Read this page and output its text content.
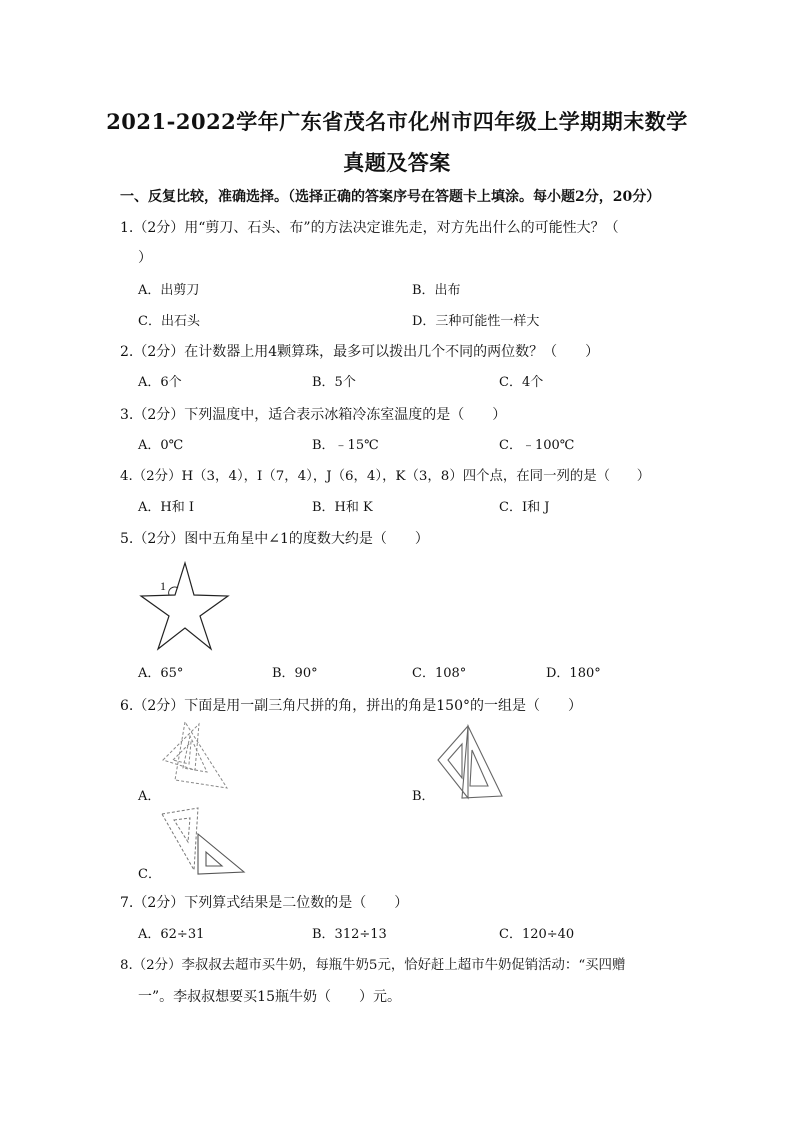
2021-2022学年广东省茂名市化州市四年级上学期期末数学
真题及答案
一、反复比较，准确选择。（选择正确的答案序号在答题卡上填涂。每小题2分，20分）
1.（2分）用“剪刀、石头、布”的方法决定谁先走，对方先出什么的可能性大？（
）
A．出剪刀	B．出布
C．出石头	D．三种可能性一样大
2.（2分）在计数器上用4颗算珠，最多可以拨出几个不同的两位数？（　　）
A．6个	B．5个	C．4个
3.（2分）下列温度中，适合表示冰箱冷冻室温度的是（　　）
A．0℃	B．﹣15℃	C．﹣100℃
4.（2分）H（3，4），I（7，4），J（6，4），K（3，8）四个点，在同一列的是（　　）
A．H和 I	B．H和 K	C．I和 J
5.（2分）图中五角星中∠1的度数大约是（　　）
1
A．65°	B．90°	C．108°	D．180°
6.（2分）下面是用一副三角尺拼的角，拼出的角是150°的一组是（　　）
A．	B．
C．
7.（2分）下列算式结果是二位数的是（　　）
A．62÷31	B．312÷13	C．120÷40
8.（2分）李叔叔去超市买牛奶，每瓶牛奶5元，恰好赶上超市牛奶促销活动：“买四赠
一”。李叔叔想要买15瓶牛奶（　　）元。
